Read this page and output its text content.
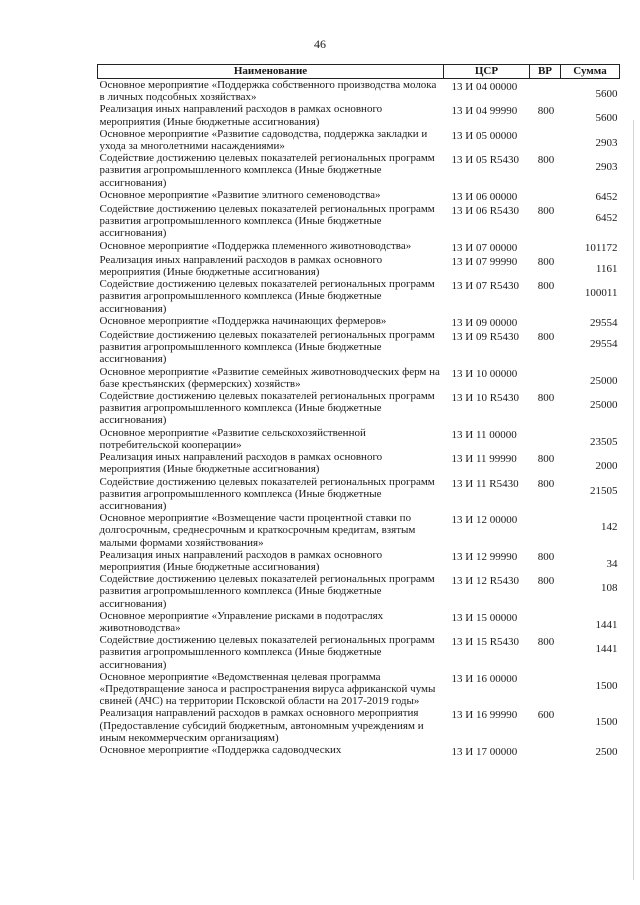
46
Наименование	ЦСР	ВР	Сумма
Основное мероприятие «Поддержка собственного производства молока в личных подсобных хозяйствах»	13 И 04 00000		5600
Реализация иных направлений расходов в рамках основного мероприятия (Иные бюджетные ассигнования)	13 И 04 99990	800	5600
Основное мероприятие «Развитие садоводства, поддержка закладки и ухода за многолетними насаждениями»	13 И 05 00000		2903
Содействие достижению целевых показателей региональных программ развития агропромышленного комплекса (Иные бюджетные ассигнования)	13 И 05 R5430	800	2903
Основное мероприятие «Развитие элитного семеноводства»	13 И 06 00000		6452
Содействие достижению целевых показателей региональных программ развития агропромышленного комплекса (Иные бюджетные ассигнования)	13 И 06 R5430	800	6452
Основное мероприятие «Поддержка племенного животноводства»	13 И 07 00000		101172
Реализация иных направлений расходов в рамках основного мероприятия (Иные бюджетные ассигнования)	13 И 07 99990	800	1161
Содействие достижению целевых показателей региональных программ развития агропромышленного комплекса (Иные бюджетные ассигнования)	13 И 07 R5430	800	100011
Основное мероприятие «Поддержка начинающих фермеров»	13 И 09 00000		29554
Содействие достижению целевых показателей региональных программ развития агропромышленного комплекса (Иные бюджетные ассигнования)	13 И 09 R5430	800	29554
Основное мероприятие «Развитие семейных животноводческих ферм на базе крестьянских (фермерских) хозяйств»	13 И 10 00000		25000
Содействие достижению целевых показателей региональных программ развития агропромышленного комплекса (Иные бюджетные ассигнования)	13 И 10 R5430	800	25000
Основное мероприятие «Развитие сельскохозяйственной потребительской кооперации»	13 И 11 00000		23505
Реализация иных направлений расходов в рамках основного мероприятия (Иные бюджетные ассигнования)	13 И 11 99990	800	2000
Содействие достижению целевых показателей региональных программ развития агропромышленного комплекса (Иные бюджетные ассигнования)	13 И 11 R5430	800	21505
Основное мероприятие «Возмещение части процентной ставки по долгосрочным, среднесрочным и краткосрочным кредитам, взятым малыми формами хозяйствования»	13 И 12 00000		142
Реализация иных направлений расходов в рамках основного мероприятия (Иные бюджетные ассигнования)	13 И 12 99990	800	34
Содействие достижению целевых показателей региональных программ развития агропромышленного комплекса (Иные бюджетные ассигнования)	13 И 12 R5430	800	108
Основное мероприятие «Управление рисками в подотраслях животноводства»	13 И 15 00000		1441
Содействие достижению целевых показателей региональных программ развития агропромышленного комплекса (Иные бюджетные ассигнования)	13 И 15 R5430	800	1441
Основное мероприятие «Ведомственная целевая программа «Предотвращение заноса и распространения вируса африканской чумы свиней (АЧС) на территории Псковской области на 2017-2019 годы»	13 И 16 00000		1500
Реализация направлений расходов в рамках основного мероприятия (Предоставление субсидий бюджетным, автономным учреждениям и иным некоммерческим организациям)	13 И 16 99990	600	1500
Основное мероприятие «Поддержка садоводческих	13 И 17 00000		2500
